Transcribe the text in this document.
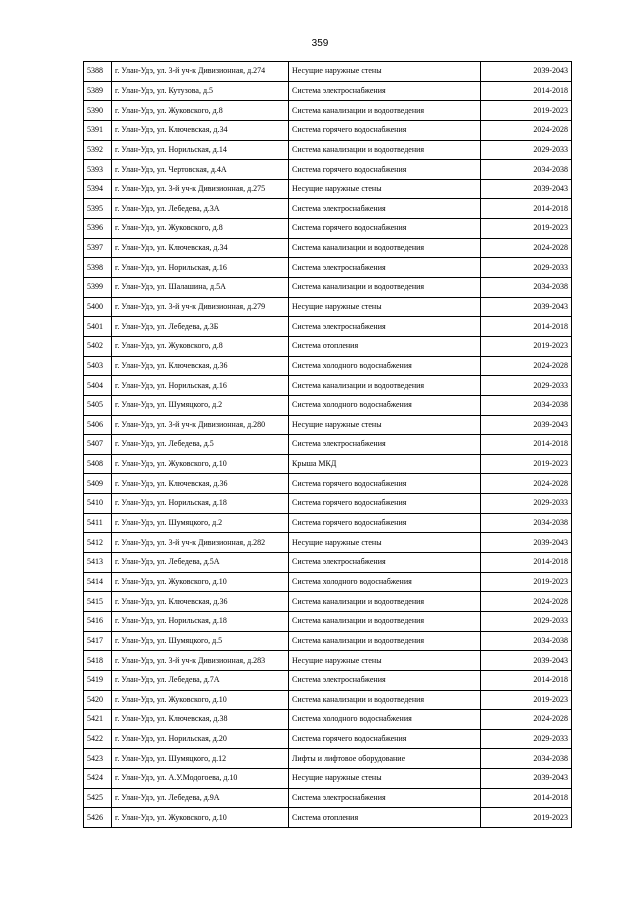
359
5388	г. Улан-Удэ, ул. 3-й уч-к Дивизионная, д.274	Несущие наружные стены	2039-2043
5389	г. Улан-Удэ, ул. Кутузова, д.5	Система электроснабжения	2014-2018
5390	г. Улан-Удэ, ул. Жуковского, д.8	Система канализации и водоотведения	2019-2023
5391	г. Улан-Удэ, ул. Ключевская, д.34	Система горячего водоснабжения	2024-2028
5392	г. Улан-Удэ, ул. Норильская, д.14	Система канализации и водоотведения	2029-2033
5393	г. Улан-Удэ, ул. Чертовская, д.4А	Система горячего водоснабжения	2034-2038
5394	г. Улан-Удэ, ул. 3-й уч-к Дивизионная, д.275	Несущие наружные стены	2039-2043
5395	г. Улан-Удэ, ул. Лебедева, д.3А	Система электроснабжения	2014-2018
5396	г. Улан-Удэ, ул. Жуковского, д.8	Система горячего водоснабжения	2019-2023
5397	г. Улан-Удэ, ул. Ключевская, д.34	Система канализации и водоотведения	2024-2028
5398	г. Улан-Удэ, ул. Норильская, д.16	Система электроснабжения	2029-2033
5399	г. Улан-Удэ, ул. Шалашина, д.5А	Система канализации и водоотведения	2034-2038
5400	г. Улан-Удэ, ул. 3-й уч-к Дивизионная, д.279	Несущие наружные стены	2039-2043
5401	г. Улан-Удэ, ул. Лебедева, д.3Б	Система электроснабжения	2014-2018
5402	г. Улан-Удэ, ул. Жуковского, д.8	Система отопления	2019-2023
5403	г. Улан-Удэ, ул. Ключевская, д.36	Система холодного водоснабжения	2024-2028
5404	г. Улан-Удэ, ул. Норильская, д.16	Система канализации и водоотведения	2029-2033
5405	г. Улан-Удэ, ул. Шумяцкого, д.2	Система холодного водоснабжения	2034-2038
5406	г. Улан-Удэ, ул. 3-й уч-к Дивизионная, д.280	Несущие наружные стены	2039-2043
5407	г. Улан-Удэ, ул. Лебедева, д.5	Система электроснабжения	2014-2018
5408	г. Улан-Удэ, ул. Жуковского, д.10	Крыша МКД	2019-2023
5409	г. Улан-Удэ, ул. Ключевская, д.36	Система горячего водоснабжения	2024-2028
5410	г. Улан-Удэ, ул. Норильская, д.18	Система горячего водоснабжения	2029-2033
5411	г. Улан-Удэ, ул. Шумяцкого, д.2	Система горячего водоснабжения	2034-2038
5412	г. Улан-Удэ, ул. 3-й уч-к Дивизионная, д.282	Несущие наружные стены	2039-2043
5413	г. Улан-Удэ, ул. Лебедева, д.5А	Система электроснабжения	2014-2018
5414	г. Улан-Удэ, ул. Жуковского, д.10	Система холодного водоснабжения	2019-2023
5415	г. Улан-Удэ, ул. Ключевская, д.36	Система канализации и водоотведения	2024-2028
5416	г. Улан-Удэ, ул. Норильская, д.18	Система канализации и водоотведения	2029-2033
5417	г. Улан-Удэ, ул. Шумяцкого, д.5	Система канализации и водоотведения	2034-2038
5418	г. Улан-Удэ, ул. 3-й уч-к Дивизионная, д.283	Несущие наружные стены	2039-2043
5419	г. Улан-Удэ, ул. Лебедева, д.7А	Система электроснабжения	2014-2018
5420	г. Улан-Удэ, ул. Жуковского, д.10	Система канализации и водоотведения	2019-2023
5421	г. Улан-Удэ, ул. Ключевская, д.38	Система холодного водоснабжения	2024-2028
5422	г. Улан-Удэ, ул. Норильская, д.20	Система горячего водоснабжения	2029-2033
5423	г. Улан-Удэ, ул. Шумяцкого, д.12	Лифты и лифтовое оборудование	2034-2038
5424	г. Улан-Удэ, ул. А.У.Модогоева, д.10	Несущие наружные стены	2039-2043
5425	г. Улан-Удэ, ул. Лебедева, д.9А	Система электроснабжения	2014-2018
5426	г. Улан-Удэ, ул. Жуковского, д.10	Система отопления	2019-2023
